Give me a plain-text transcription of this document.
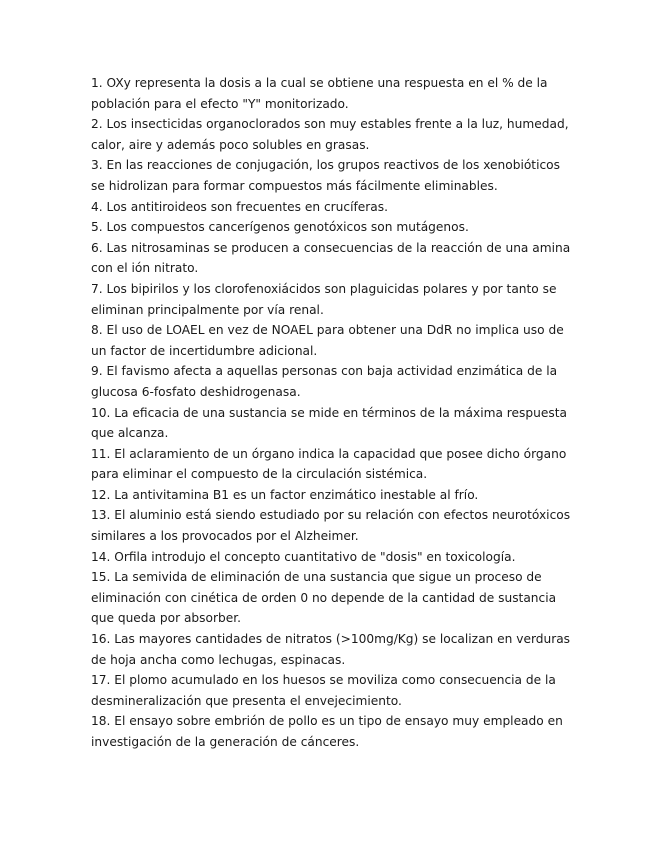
1. OXy representa la dosis a la cual se obtiene una respuesta en el % de la población para el efecto "Y" monitorizado.
2. Los insecticidas organoclorados son muy estables frente a la luz, humedad, calor, aire y además poco solubles en grasas.
3. En las reacciones de conjugación, los grupos reactivos de los xenobióticos se hidrolizan para formar compuestos más fácilmente eliminables.
4. Los antitiroideos son frecuentes en crucíferas.
5. Los compuestos cancerígenos genotóxicos son mutágenos.
6. Las nitrosaminas se producen a consecuencias de la reacción de una amina con el ión nitrato.
7. Los bipirilos y los clorofenoxiácidos son plaguicidas polares y por tanto se eliminan principalmente por vía renal.
8. El uso de LOAEL en vez de NOAEL para obtener una DdR no implica uso de un factor de incertidumbre adicional.
9. El favismo afecta a aquellas personas con baja actividad enzimática de la glucosa 6-fosfato deshidrogenasa.
10. La eficacia de una sustancia se mide en términos de la máxima respuesta que alcanza.
11. El aclaramiento de un órgano indica la capacidad que posee dicho órgano para eliminar el compuesto de la circulación sistémica.
12. La antivitamina B1 es un factor enzimático inestable al frío.
13. El aluminio está siendo estudiado por su relación con efectos neurotóxicos similares a los provocados por el Alzheimer.
14. Orfila introdujo el concepto cuantitativo de "dosis" en toxicología.
15. La semivida de eliminación de una sustancia que sigue un proceso de eliminación con cinética de orden 0 no depende de la cantidad de sustancia que queda por absorber.
16. Las mayores cantidades de nitratos (>100mg/Kg) se localizan en verduras de hoja ancha como lechugas, espinacas.
17. El plomo acumulado en los huesos se moviliza como consecuencia de la desmineralización que presenta el envejecimiento.
18. El ensayo sobre embrión de pollo es un tipo de ensayo muy empleado en investigación de la generación de cánceres.
